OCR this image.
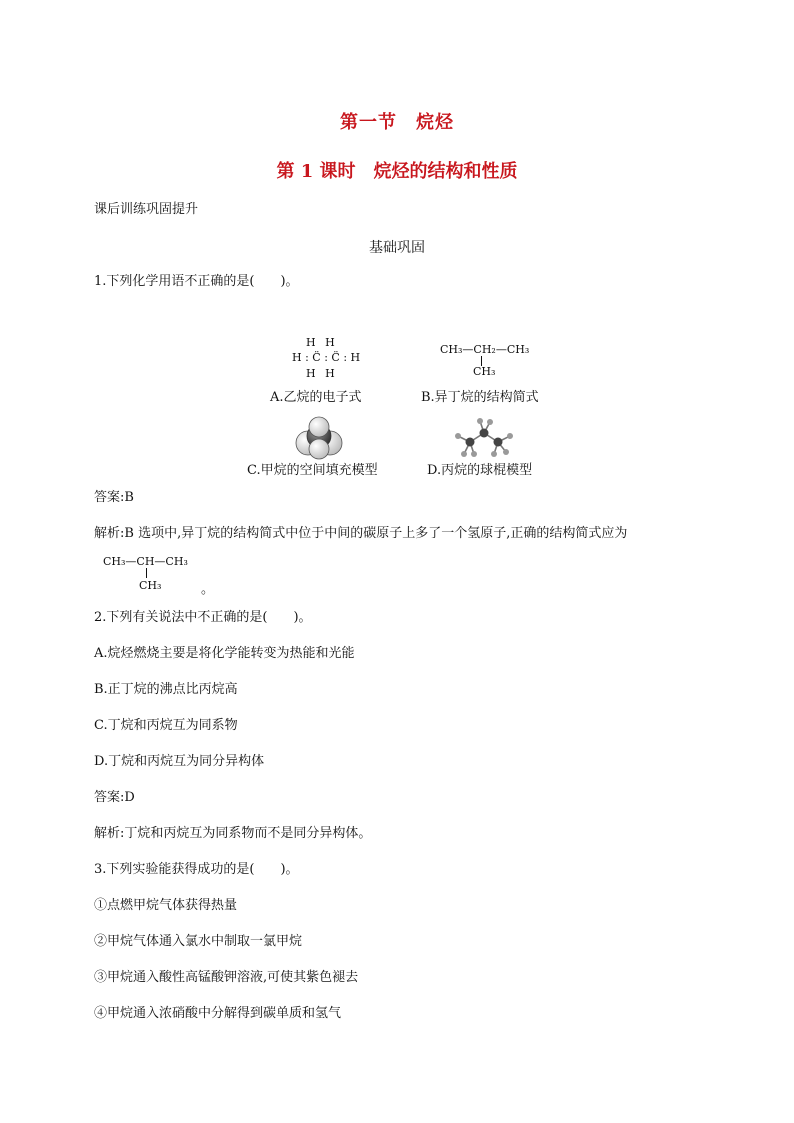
第一节　烷烃
第 1 课时　烷烃的结构和性质
课后训练巩固提升
基础巩固
1.下列化学用语不正确的是(　　)。
H H
H : C̈ : C̈ : H
H H
A.乙烷的电子式
CH₃—CH₂—CH₃
CH₃
B.异丁烷的结构简式
C.甲烷的空间填充模型	D.丙烷的球棍模型
答案:B
解析:B 选项中,异丁烷的结构简式中位于中间的碳原子上多了一个氢原子,正确的结构简式应为
CH₃—CH—CH₃
CH₃	。
2.下列有关说法中不正确的是(　　)。
A.烷烃燃烧主要是将化学能转变为热能和光能
B.正丁烷的沸点比丙烷高
C.丁烷和丙烷互为同系物
D.丁烷和丙烷互为同分异构体
答案:D
解析:丁烷和丙烷互为同系物而不是同分异构体。
3.下列实验能获得成功的是(　　)。
①点燃甲烷气体获得热量
②甲烷气体通入氯水中制取一氯甲烷
③甲烷通入酸性高锰酸钾溶液,可使其紫色褪去
④甲烷通入浓硝酸中分解得到碳单质和氢气
